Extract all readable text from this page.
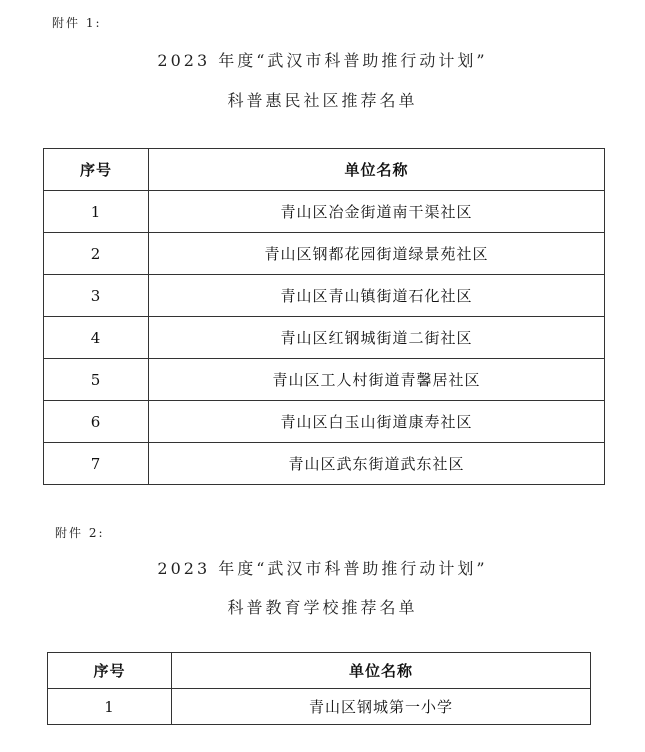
附件 1:
2023 年度“武汉市科普助推行动计划”
科普惠民社区推荐名单
序号	单位名称
1	青山区冶金街道南干渠社区
2	青山区钢都花园街道绿景苑社区
3	青山区青山镇街道石化社区
4	青山区红钢城街道二街社区
5	青山区工人村街道青馨居社区
6	青山区白玉山街道康寿社区
7	青山区武东街道武东社区
附件 2:
2023 年度“武汉市科普助推行动计划”
科普教育学校推荐名单
序号	单位名称
1	青山区钢城第一小学
